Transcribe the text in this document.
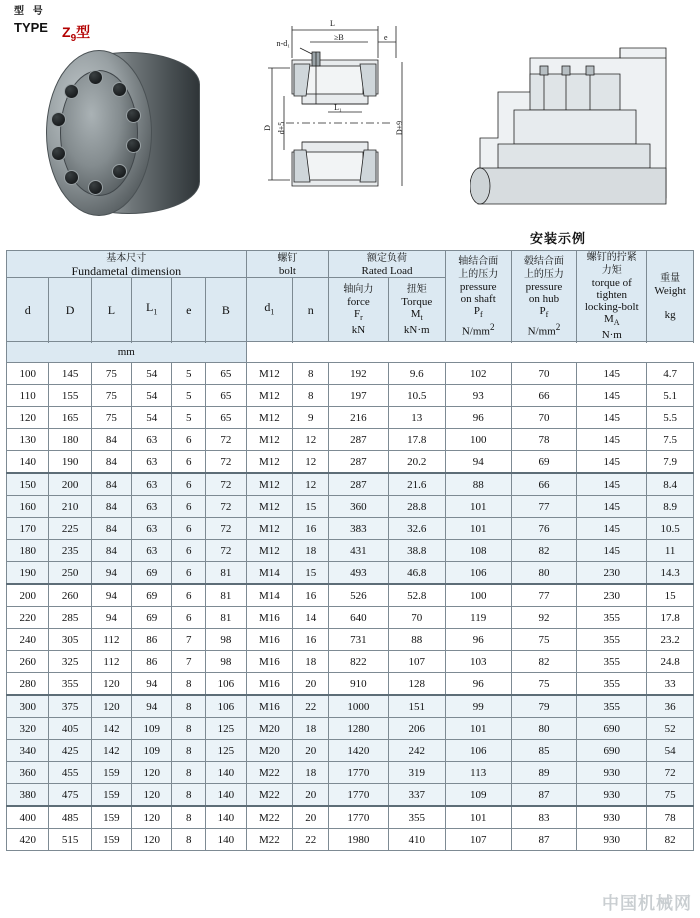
型 号
TYPE $Z_9$型
L
≥B	e
n-d₁
D d+5	D+9
L₁
安装示例
基本尺寸
Fundametal dimension	螺钉
bolt	额定负荷
Rated Load	轴结合面
上的压力
pressure
on shaft
$P_f$
$N/mm^2$	毂结合面
上的压力
pressure
on hub
$P_f$
$N/mm^2$	螺钉的拧紧
力矩
torque of
tighten
locking-bolt
$M_A$
N·m	重量
Weight

kg
d	D	L	$L_1$	e	B	$d_1$	n	轴向力
force
$F_r$
kN	扭矩
Torque
$M_t$
kN·m				

mm												
100	145	75	54	5	65	M12	8	192	9.6	102	70	145	4.7
110	155	75	54	5	65	M12	8	197	10.5	93	66	145	5.1
120	165	75	54	5	65	M12	9	216	13	96	70	145	5.5
130	180	84	63	6	72	M12	12	287	17.8	100	78	145	7.5
140	190	84	63	6	72	M12	12	287	20.2	94	69	145	7.9
150	200	84	63	6	72	M12	12	287	21.6	88	66	145	8.4
160	210	84	63	6	72	M12	15	360	28.8	101	77	145	8.9
170	225	84	63	6	72	M12	16	383	32.6	101	76	145	10.5
180	235	84	63	6	72	M12	18	431	38.8	108	82	145	11
190	250	94	69	6	81	M14	15	493	46.8	106	80	230	14.3
200	260	94	69	6	81	M14	16	526	52.8	100	77	230	15
220	285	94	69	6	81	M16	14	640	70	119	92	355	17.8
240	305	112	86	7	98	M16	16	731	88	96	75	355	23.2
260	325	112	86	7	98	M16	18	822	107	103	82	355	24.8
280	355	120	94	8	106	M16	20	910	128	96	75	355	33
300	375	120	94	8	106	M16	22	1000	151	99	79	355	36
320	405	142	109	8	125	M20	18	1280	206	101	80	690	52
340	425	142	109	8	125	M20	20	1420	242	106	85	690	54
360	455	159	120	8	140	M22	18	1770	319	113	89	930	72
380	475	159	120	8	140	M22	20	1770	337	109	87	930	75
400	485	159	120	8	140	M22	20	1770	355	101	83	930	78
420	515	159	120	8	140	M22	22	1980	410	107	87	930	82
中国机械网
